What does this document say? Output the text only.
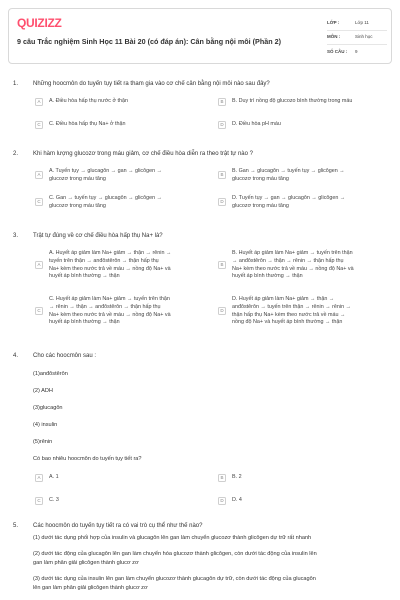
QUIZIZZ
9 câu Trắc nghiệm Sinh Học 11 Bài 20 (có đáp án): Cân bằng nội môi (Phần 2)
LỚP :	Lớp 11
MÔN :	Sinh học
SỐ CÂU :	9
1. Những hoocmôn do tuyến tụy tiết ra tham gia vào cơ chế cân bằng nội môi nào sau đây?
A	A. Điều hòa hấp thụ nước ở thận	B	B. Duy trì nồng độ glucozo bình thường trong máu
C	C. Điều hòa hấp thụ Na+ ở thận	D	D. Điều hòa pH máu
2. Khi hàm lượng glucozơ trong máu giảm, cơ chế điều hòa diễn ra theo trật tự nào ?
A
A. Tuyến tụy → glucagôn → gan → glicôgen →
glucozơ trong máu tăng
B
B. Gan → glucagôn → tuyến tụy → glicôgen →
glucozơ trong máu tăng
C
C. Gan → tuyến tụy → glucagôn → glicôgen →
glucozơ trong máu tăng
D
D. Tuyến tụy → gan → glucagôn → glicôgen →
glucozơ trong máu tăng
3. Trật tự đúng về cơ chế điều hòa hấp thụ Na+ là?
A
A. Huyết áp giảm làm Na+ giảm → thận → rênin →
tuyến trên thận → anđôstêrôn → thận hấp thụ
Na+ kèm theo nước trả về máu → nồng độ Na+ và
huyết áp bình thường → thận
B
B. Huyết áp giảm làm Na+ giảm → tuyến trên thận
→ anđôstêrôn → thận → rênin → thận hấp thụ
Na+ kèm theo nước trả về máu → nồng độ Na+ và
huyết áp bình thường → thận
C
C. Huyết áp giảm làm Na+ giảm → tuyến trên thận
→ rênin → thận → anđôstêrôn → thận hấp thụ
Na+ kèm theo nước trả về máu → nồng độ Na+ và
huyết áp bình thường → thận
D
D. Huyết áp giảm làm Na+ giảm → thận →
anđôstêrôn → tuyến trên thận → rênin → rênin →
thận hấp thụ Na+ kèm theo nước trả về máu →
nồng độ Na+ và huyết áp bình thường → thận
4. Cho các hoocmôn sau :
(1)anđôstêrôn
(2) ADH
(3)glucagôn
(4) insulin
(5)rênin
Có bao nhiêu hoocmôn do tuyến tụy tiết ra?
A	A. 1	B	B. 2
C	C. 3	D	D. 4
5. Các hoocmôn do tuyến tụy tiết ra có vai trò cụ thể như thế nào?
(1) dưới tác dụng phối hợp của insulin và glucagôn lên gan làm chuyển glucozơ thành glicôgen dự trữ rất nhanh
(2) dưới tác động của glucagôn lên gan làm chuyển hóa glucozơ thành glicôgen, còn dưới tác động của insulin lên
gan làm phân giải glicôgen thành glucơ zơ
(3) dưới tác dụng của insulin lên gan làm chuyển glucozơ thành glucagôn dự trữ, còn dưới tác động của glucagôn
lên gan làm phân giải glicôgen thành glucơ zơ
